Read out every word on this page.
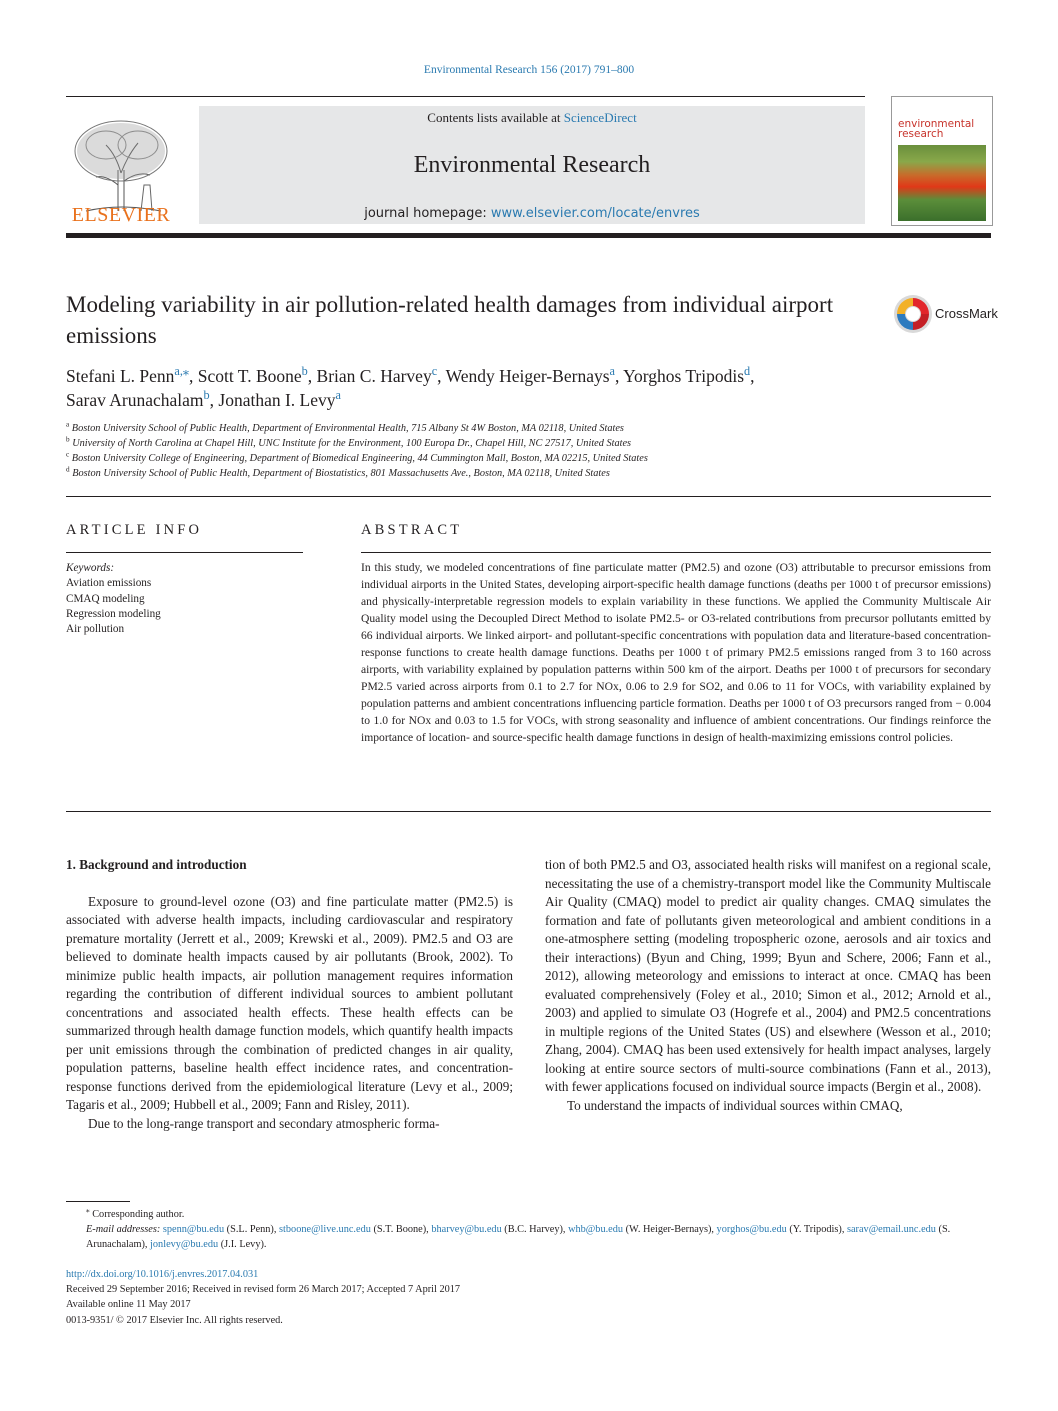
Environmental Research 156 (2017) 791–800
ELSEVIER
Contents lists available at ScienceDirect
Environmental Research
journal homepage: www.elsevier.com/locate/envres
environmental
research
Modeling variability in air pollution-related health damages from individual airport emissions
CrossMark
Stefani L. Penn$^{a,⁎}$, Scott T. Boone$^b$, Brian C. Harvey$^c$, Wendy Heiger-Bernays$^a$, Yorghos Tripodis$^d$,
Sarav Arunachalam$^b$, Jonathan I. Levy$^a$
$^a$ Boston University School of Public Health, Department of Environmental Health, 715 Albany St 4W Boston, MA 02118, United States
$^b$ University of North Carolina at Chapel Hill, UNC Institute for the Environment, 100 Europa Dr., Chapel Hill, NC 27517, United States
$^c$ Boston University College of Engineering, Department of Biomedical Engineering, 44 Cummington Mall, Boston, MA 02215, United States
$^d$ Boston University School of Public Health, Department of Biostatistics, 801 Massachusetts Ave., Boston, MA 02118, United States
ARTICLE INFO
Keywords:
Aviation emissions
CMAQ modeling
Regression modeling
Air pollution
ABSTRACT
In this study, we modeled concentrations of fine particulate matter (PM2.5) and ozone (O3) attributable to precursor emissions from individual airports in the United States, developing airport-specific health damage functions (deaths per 1000 t of precursor emissions) and physically-interpretable regression models to explain variability in these functions. We applied the Community Multiscale Air Quality model using the Decoupled Direct Method to isolate PM2.5- or O3-related contributions from precursor pollutants emitted by 66 individual airports. We linked airport- and pollutant-specific concentrations with population data and literature-based concentration-response functions to create health damage functions. Deaths per 1000 t of primary PM2.5 emissions ranged from 3 to 160 across airports, with variability explained by population patterns within 500 km of the airport. Deaths per 1000 t of precursors for secondary PM2.5 varied across airports from 0.1 to 2.7 for NOx, 0.06 to 2.9 for SO2, and 0.06 to 11 for VOCs, with variability explained by population patterns and ambient concentrations influencing particle formation. Deaths per 1000 t of O3 precursors ranged from − 0.004 to 1.0 for NOx and 0.03 to 1.5 for VOCs, with strong seasonality and influence of ambient concentrations. Our findings reinforce the importance of location- and source-specific health damage functions in design of health-maximizing emissions control policies.
1. Background and introduction

Exposure to ground-level ozone (O3) and fine particulate matter (PM2.5) is associated with adverse health impacts, including cardiovascular and respiratory premature mortality (Jerrett et al., 2009; Krewski et al., 2009). PM2.5 and O3 are believed to dominate health impacts caused by air pollutants (Brook, 2002). To minimize public health impacts, air pollution management requires information regarding the contribution of different individual sources to ambient pollutant concentrations and associated health effects. These health effects can be summarized through health damage function models, which quantify health impacts per unit emissions through the combination of predicted changes in air quality, population patterns, baseline health effect incidence rates, and concentration-response functions derived from the epidemiological literature (Levy et al., 2009; Tagaris et al., 2009; Hubbell et al., 2009; Fann and Risley, 2011).

Due to the long-range transport and secondary atmospheric forma-

tion of both PM2.5 and O3, associated health risks will manifest on a regional scale, necessitating the use of a chemistry-transport model like the Community Multiscale Air Quality (CMAQ) model to predict air quality changes. CMAQ simulates the formation and fate of pollutants given meteorological and ambient conditions in a one-atmosphere setting (modeling tropospheric ozone, aerosols and air toxics and their interactions) (Byun and Ching, 1999; Byun and Schere, 2006; Fann et al., 2012), allowing meteorology and emissions to interact at once. CMAQ has been evaluated comprehensively (Foley et al., 2010; Simon et al., 2012; Arnold et al., 2003) and applied to simulate O3 (Hogrefe et al., 2004) and PM2.5 concentrations in multiple regions of the United States (US) and elsewhere (Wesson et al., 2010; Zhang, 2004). CMAQ has been used extensively for health impact analyses, largely looking at entire source sectors of multi-source combinations (Fann et al., 2013), with fewer applications focused on individual source impacts (Bergin et al., 2008).

To understand the impacts of individual sources within CMAQ,

⁎ Corresponding author.
E-mail addresses: spenn@bu.edu (S.L. Penn), stboone@live.unc.edu (S.T. Boone), bharvey@bu.edu (B.C. Harvey), whb@bu.edu (W. Heiger-Bernays), yorghos@bu.edu (Y. Tripodis), sarav@email.unc.edu (S. Arunachalam), jonlevy@bu.edu (J.I. Levy).
http://dx.doi.org/10.1016/j.envres.2017.04.031
Received 29 September 2016; Received in revised form 26 March 2017; Accepted 7 April 2017
Available online 11 May 2017
0013-9351/ © 2017 Elsevier Inc. All rights reserved.
